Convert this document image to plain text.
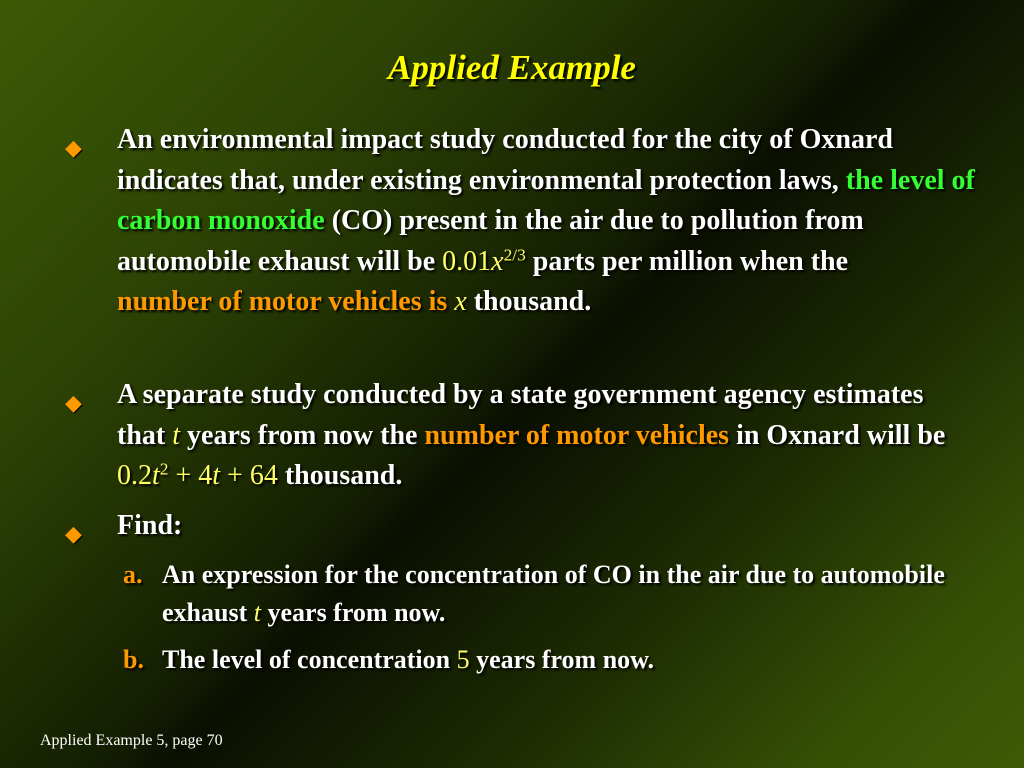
Applied Example
◆ An environmental impact study conducted for the city of Oxnard indicates that, under existing environmental protection laws, the level of carbon monoxide (CO) present in the air due to pollution from automobile exhaust will be $0.01x^{2/3}$ parts per million when the
number of motor vehicles is x thousand.
◆ A separate study conducted by a state government agency estimates that t years from now the number of motor vehicles in Oxnard will be $0.2t^2 + 4t + 64$ thousand.
◆ Find:
a. An expression for the concentration of CO in the air due to automobile exhaust t years from now.
b. The level of concentration 5 years from now.
Applied Example 5, page 70
